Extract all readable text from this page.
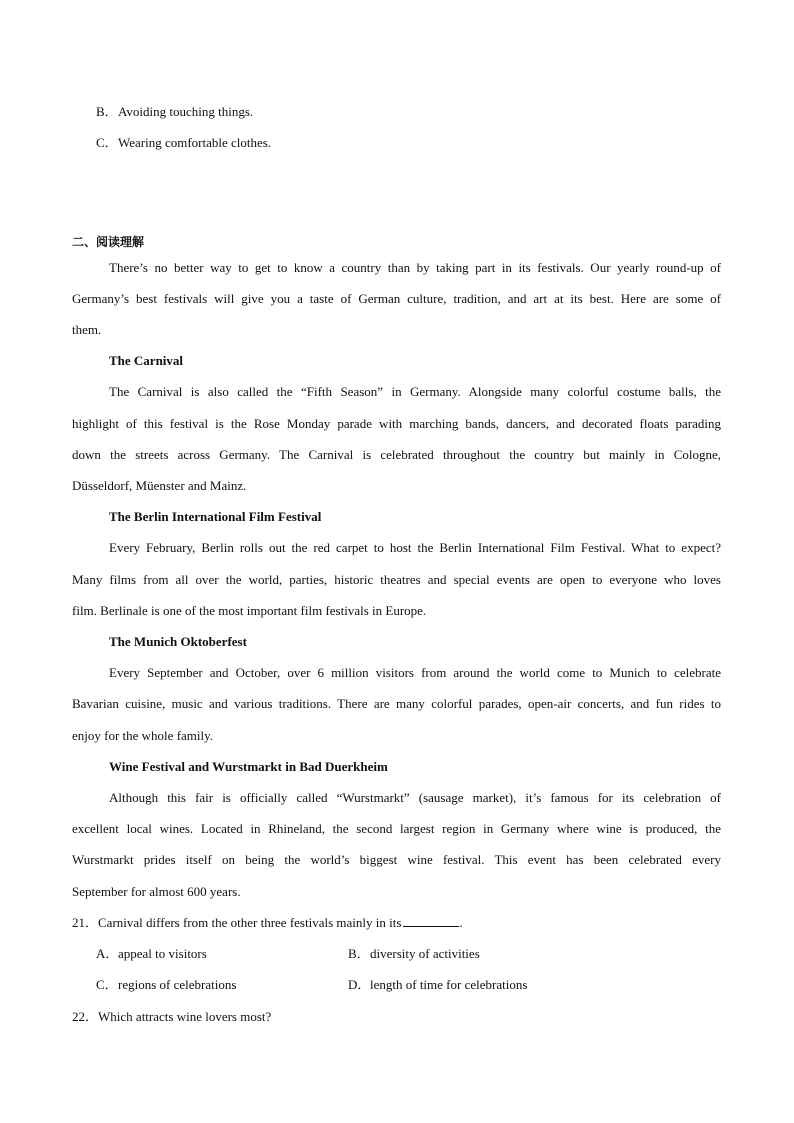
B．Avoiding touching things.
C．Wearing comfortable clothes.
二、阅读理解
There’s no better way to get to know a country than by taking part in its festivals. Our yearly round-up of
Germany’s best festivals will give you a taste of German culture, tradition, and art at its best. Here are some of
them.
The Carnival
The Carnival is also called the “Fifth Season” in Germany. Alongside many colorful costume balls, the
highlight of this festival is the Rose Monday parade with marching bands, dancers, and decorated floats parading
down the streets across Germany. The Carnival is celebrated throughout the country but mainly in Cologne,
Düsseldorf, Müenster and Mainz.
The Berlin International Film Festival
Every February, Berlin rolls out the red carpet to host the Berlin International Film Festival. What to expect?
Many films from all over the world, parties, historic theatres and special events are open to everyone who loves
film. Berlinale is one of the most important film festivals in Europe.
The Munich Oktoberfest
Every September and October, over 6 million visitors from around the world come to Munich to celebrate
Bavarian cuisine, music and various traditions. There are many colorful parades, open-air concerts, and fun rides to
enjoy for the whole family.
Wine Festival and Wurstmarkt in Bad Duerkheim
Although this fair is officially called “Wurstmarkt” (sausage market), it’s famous for its celebration of
excellent local wines. Located in Rhineland, the second largest region in Germany where wine is produced, the
Wurstmarkt prides itself on being the world’s biggest wine festival. This event has been celebrated every
September for almost 600 years.
21．Carnival differs from the other three festivals mainly in its	.
A．appeal to visitors	B．diversity of activities
C．regions of celebrations	D．length of time for celebrations
22．Which attracts wine lovers most?
